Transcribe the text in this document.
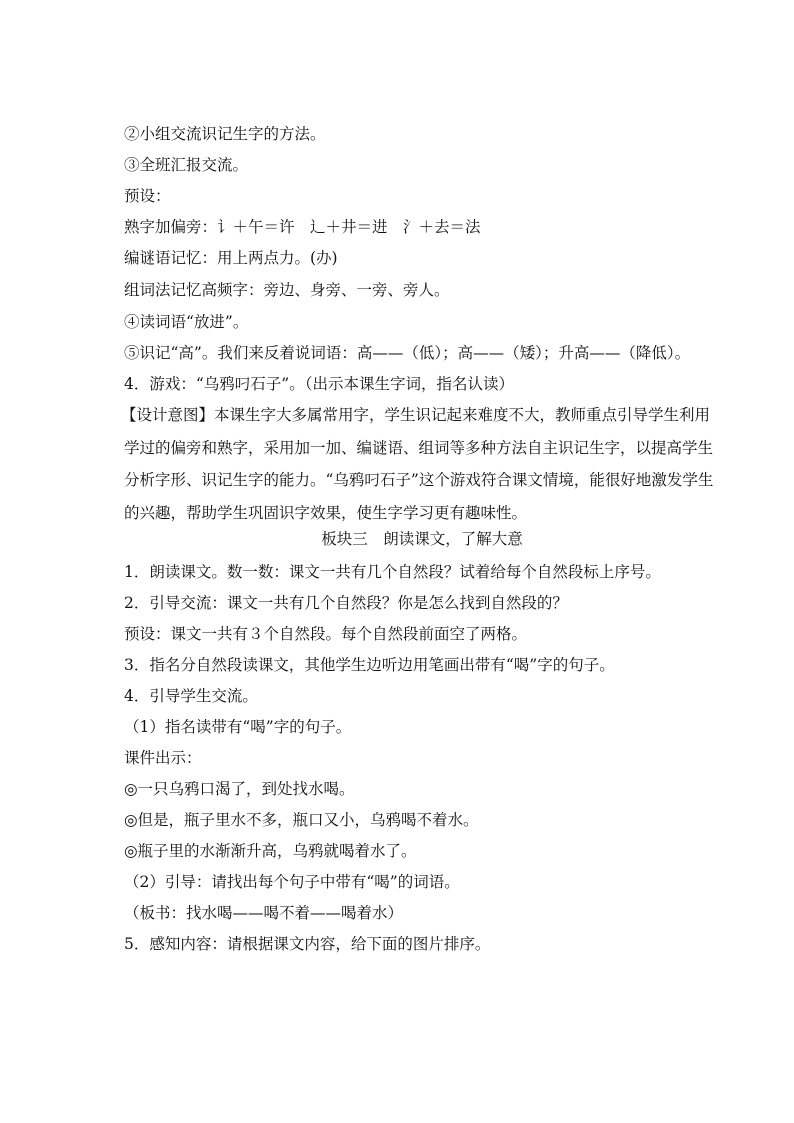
②小组交流识记生字的方法。
③全班汇报交流。
预设：
熟字加偏旁：讠＋午＝许　⻌＋井＝进　氵＋去＝法
编谜语记忆：用上两点力。(办)
组词法记忆高频字：旁边、身旁、一旁、旁人。
④读词语“放进”。
⑤识记“高”。我们来反着说词语：高——（低）；高——（矮）；升高——（降低）。
4．游戏：“乌鸦叼石子”。（出示本课生字词，指名认读）
【设计意图】本课生字大多属常用字，学生识记起来难度不大，教师重点引导学生利用学过的偏旁和熟字，采用加一加、编谜语、组词等多种方法自主识记生字，以提高学生分析字形、识记生字的能力。“乌鸦叼石子”这个游戏符合课文情境，能很好地激发学生的兴趣，帮助学生巩固识字效果，使生字学习更有趣味性。
板块三　朗读课文，了解大意
1．朗读课文。数一数：课文一共有几个自然段？试着给每个自然段标上序号。
2．引导交流：课文一共有几个自然段？你是怎么找到自然段的？
预设：课文一共有３个自然段。每个自然段前面空了两格。
3．指名分自然段读课文，其他学生边听边用笔画出带有“喝”字的句子。
4．引导学生交流。
（1）指名读带有“喝”字的句子。
课件出示：
◎一只乌鸦口渴了，到处找水喝。
◎但是，瓶子里水不多，瓶口又小，乌鸦喝不着水。
◎瓶子里的水渐渐升高，乌鸦就喝着水了。
（2）引导：请找出每个句子中带有“喝”的词语。
（板书：找水喝——喝不着——喝着水）
5．感知内容：请根据课文内容，给下面的图片排序。
